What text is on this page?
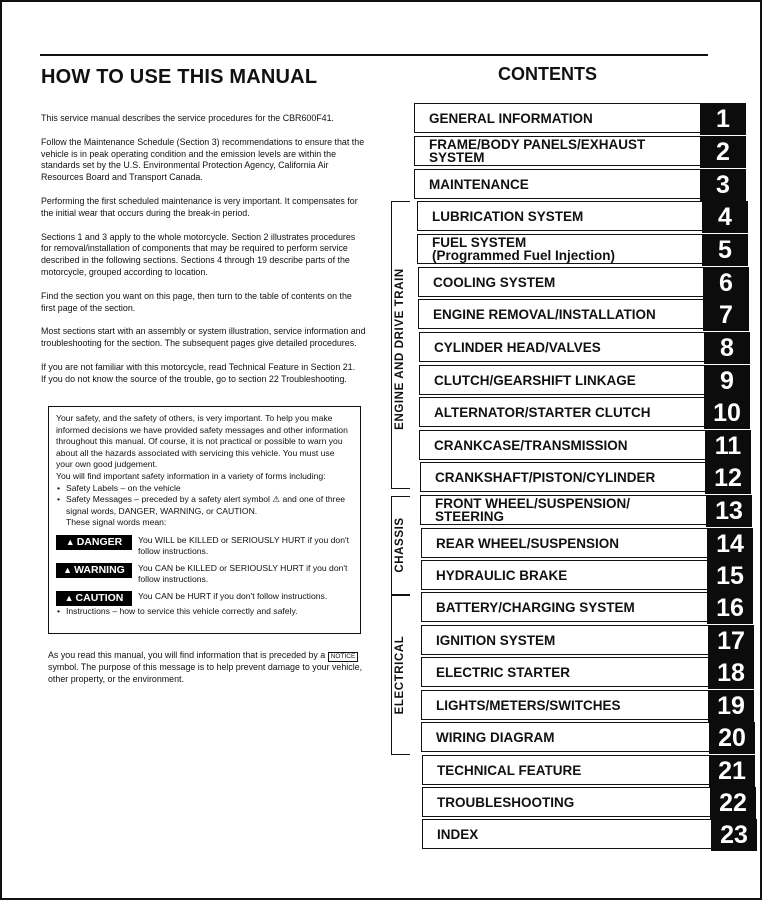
HOW TO USE THIS MANUAL

This service manual describes the service procedures for the CBR600F41.

Follow the Maintenance Schedule (Section 3) recommendations to ensure that the vehicle is in peak operating condition and the emission levels are within the standards set by the U.S. Environmental Protection Agency, California Air Resources Board and Transport Canada.

Performing the first scheduled maintenance is very important. It compensates for the initial wear that occurs during the break-in period.

Sections 1 and 3 apply to the whole motorcycle. Section 2 illustrates procedures for removal/installation of components that may be required to perform service described in the following sections. Sections 4 through 19 describe parts of the motorcycle, grouped according to location.

Find the section you want on this page, then turn to the table of contents on the first page of the section.

Most sections start with an assembly or system illustration, service information and troubleshooting for the section. The subsequent pages give detailed procedures.

If you are not familiar with this motorcycle, read Technical Feature in Section 21.

If you do not know the source of the trouble, go to section 22 Troubleshooting.

Your safety, and the safety of others, is very important. To help you make informed decisions we have provided safety messages and other information throughout this manual. Of course, it is not practical or possible to warn you about all the hazards associated with servicing this vehicle. You must use your own good judgement.

You will find important safety information in a variety of forms including:

• Safety Labels – on the vehicle
• Safety Messages – preceded by a safety alert symbol ⚠ and one of three signal words, DANGER, WARNING, or CAUTION.

These signal words mean:

▲ DANGER	You WILL be KILLED or SERIOUSLY HURT if you don't follow instructions.
▲ WARNING	You CAN be KILLED or SERIOUSLY HURT if you don't follow instructions.
▲ CAUTION	You CAN be HURT if you don't follow instructions.
• Instructions – how to service this vehicle correctly and safely.
As you read this manual, you will find information that is preceded by a NOTICE symbol. The purpose of this message is to help prevent damage to your vehicle, other property, or the environment.
CONTENTS
GENERAL INFORMATION	1
FRAME/BODY PANELS/EXHAUST
SYSTEM	2
MAINTENANCE	3
LUBRICATION SYSTEM	4
FUEL SYSTEM
(Programmed Fuel Injection)	5
COOLING SYSTEM	6
ENGINE REMOVAL/INSTALLATION	7
CYLINDER HEAD/VALVES	8
CLUTCH/GEARSHIFT LINKAGE	9
ALTERNATOR/STARTER CLUTCH	10
CRANKCASE/TRANSMISSION	11
CRANKSHAFT/PISTON/CYLINDER	12
FRONT WHEEL/SUSPENSION/
STEERING	13
REAR WHEEL/SUSPENSION	14
HYDRAULIC BRAKE	15
BATTERY/CHARGING SYSTEM	16
IGNITION SYSTEM	17
ELECTRIC STARTER	18
LIGHTS/METERS/SWITCHES	19
WIRING DIAGRAM	20
TECHNICAL FEATURE	21
TROUBLESHOOTING	22
INDEX	23
ENGINE AND DRIVE TRAIN
CHASSIS
ELECTRICAL
